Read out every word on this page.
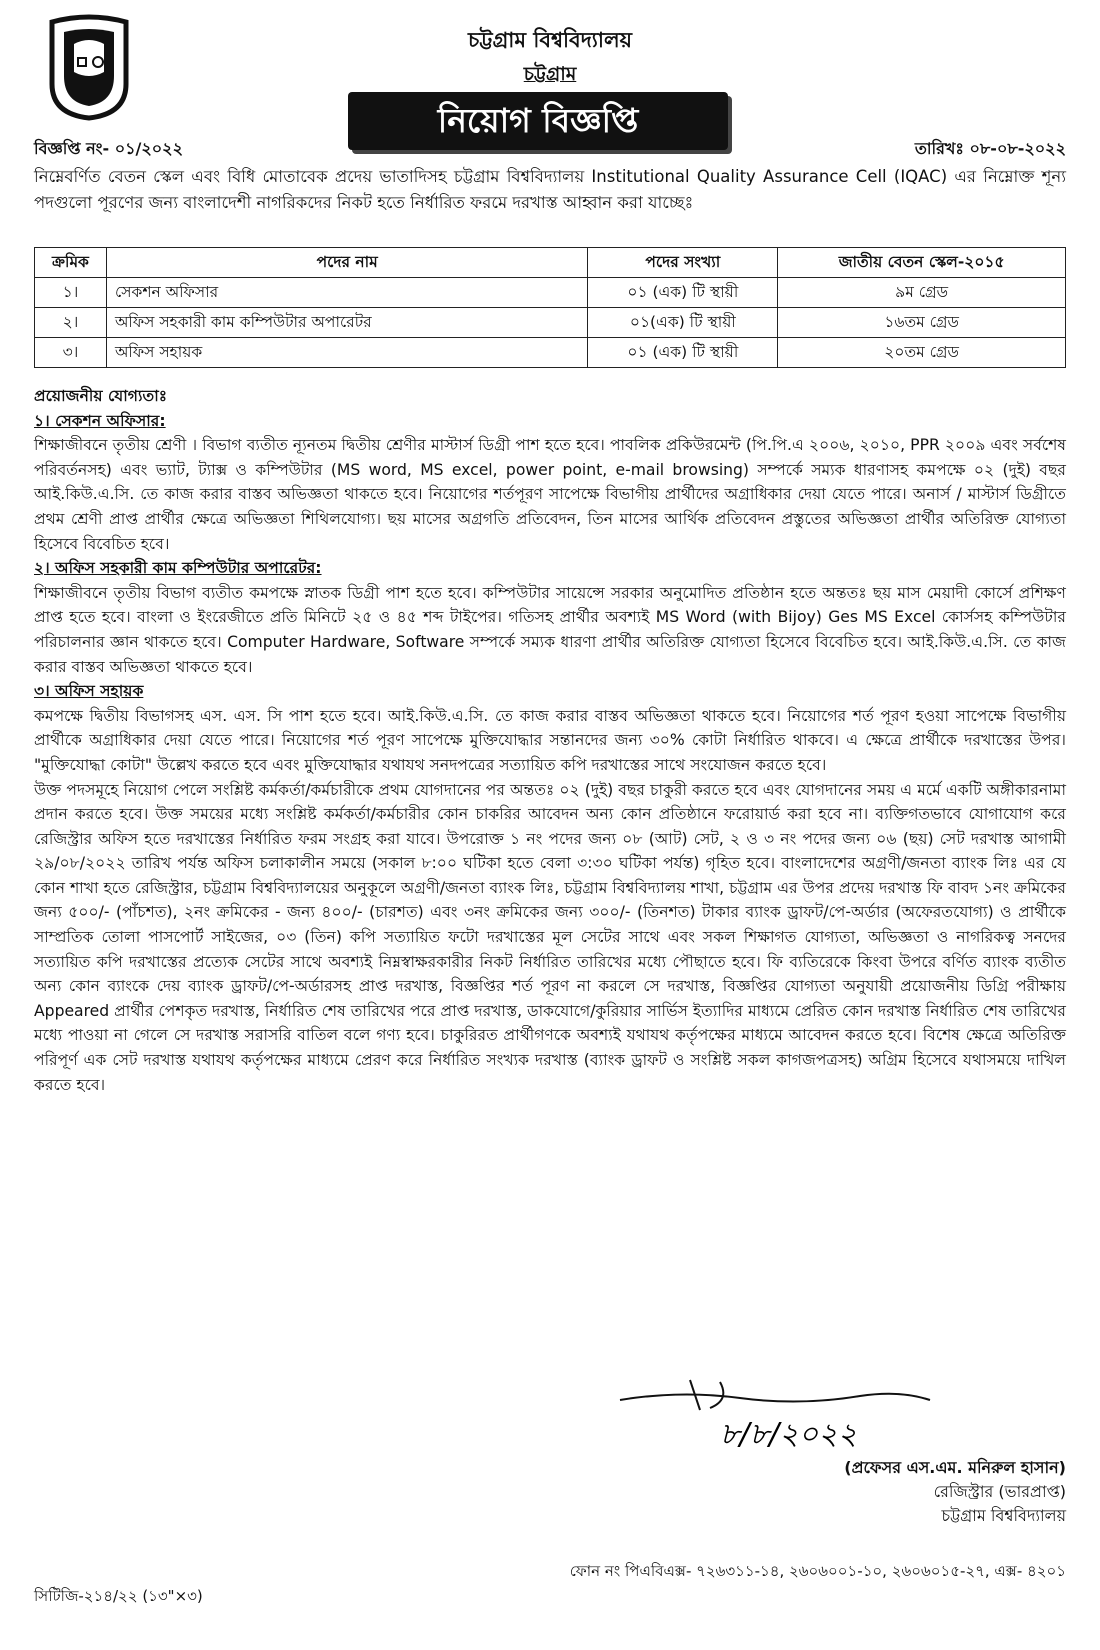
চট্টগ্রাম বিশ্ববিদ্যালয়
চট্টগ্রাম
নিয়োগ বিজ্ঞপ্তি
বিজ্ঞপ্তি নং- ০১/২০২২	তারিখঃ ০৮-০৮-২০২২
নিম্নেবর্ণিত বেতন স্কেল এবং বিধি মোতাবেক প্রদেয় ভাতাদিসহ চট্টগ্রাম বিশ্ববিদ্যালয় Institutional Quality Assurance Cell (IQAC) এর নিম্নোক্ত শূন্য পদগুলো পূরণের জন্য বাংলাদেশী নাগরিকদের নিকট হতে নির্ধারিত ফরমে দরখাস্ত আহ্বান করা যাচ্ছেঃ
ক্রমিক	পদের নাম	পদের সংখ্যা	জাতীয় বেতন স্কেল-২০১৫
১।	সেকশন অফিসার	০১ (এক) টি স্থায়ী	৯ম গ্রেড
২।	অফিস সহকারী কাম কম্পিউটার অপারেটর	০১(এক) টি স্থায়ী	১৬তম গ্রেড
৩।	অফিস সহায়ক	০১ (এক) টি স্থায়ী	২০তম গ্রেড

প্রয়োজনীয় যোগ্যতাঃ

১। সেকশন অফিসার:

শিক্ষাজীবনে তৃতীয় শ্রেণী । বিভাগ ব্যতীত ন্যূনতম দ্বিতীয় শ্রেণীর মাস্টার্স ডিগ্রী পাশ হতে হবে। পাবলিক প্রকিউরমেন্ট (পি.পি.এ ২০০৬, ২০১০, PPR ২০০৯ এবং সর্বশেষ পরিবর্তনসহ) এবং ভ্যাট, ট্যাক্স ও কম্পিউটার (MS word, MS excel, power point, e-mail browsing) সম্পর্কে সম্যক ধারণাসহ কমপক্ষে ০২ (দুই) বছর আই.কিউ.এ.সি. তে কাজ করার বাস্তব অভিজ্ঞতা থাকতে হবে। নিয়োগের শর্তপূরণ সাপেক্ষে বিভাগীয় প্রার্থীদের অগ্রাধিকার দেয়া যেতে পারে। অনার্স / মাস্টার্স ডিগ্রীতে প্রথম শ্রেণী প্রাপ্ত প্রার্থীর ক্ষেত্রে অভিজ্ঞতা শিথিলযোগ্য। ছয় মাসের অগ্রগতি প্রতিবেদন, তিন মাসের আর্থিক প্রতিবেদন প্রস্তুতের অভিজ্ঞতা প্রার্থীর অতিরিক্ত যোগ্যতা হিসেবে বিবেচিত হবে।

২। অফিস সহকারী কাম কম্পিউটার অপারেটর:

শিক্ষাজীবনে তৃতীয় বিভাগ ব্যতীত কমপক্ষে স্নাতক ডিগ্রী পাশ হতে হবে। কম্পিউটার সায়েন্সে সরকার অনুমোদিত প্রতিষ্ঠান হতে অন্ততঃ ছয় মাস মেয়াদী কোর্সে প্রশিক্ষণ প্রাপ্ত হতে হবে। বাংলা ও ইংরেজীতে প্রতি মিনিটে ২৫ ও ৪৫ শব্দ টাইপের। গতিসহ প্রার্থীর অবশ্যই MS Word (with Bijoy) Ges MS Excel কোর্সসহ কম্পিউটার পরিচালনার জ্ঞান থাকতে হবে। Computer Hardware, Software সম্পর্কে সম্যক ধারণা প্রার্থীর অতিরিক্ত যোগ্যতা হিসেবে বিবেচিত হবে। আই.কিউ.এ.সি. তে কাজ করার বাস্তব অভিজ্ঞতা থাকতে হবে।

৩। অফিস সহায়ক

কমপক্ষে দ্বিতীয় বিভাগসহ এস. এস. সি পাশ হতে হবে। আই.কিউ.এ.সি. তে কাজ করার বাস্তব অভিজ্ঞতা থাকতে হবে। নিয়োগের শর্ত পূরণ হওয়া সাপেক্ষে বিভাগীয় প্রার্থীকে অগ্রাধিকার দেয়া যেতে পারে। নিয়োগের শর্ত পূরণ সাপেক্ষে মুক্তিযোদ্ধার সন্তানদের জন্য ৩০% কোটা নির্ধারিত থাকবে। এ ক্ষেত্রে প্রার্থীকে দরখাস্তের উপর। "মুক্তিযোদ্ধা কোটা" উল্লেখ করতে হবে এবং মুক্তিযোদ্ধার যথাযথ সনদপত্রের সত্যায়িত কপি দরখাস্তের সাথে সংযোজন করতে হবে।

উক্ত পদসমূহে নিয়োগ পেলে সংশ্লিষ্ট কর্মকর্তা/কর্মচারীকে প্রথম যোগদানের পর অন্ততঃ ০২ (দুই) বছর চাকুরী করতে হবে এবং যোগদানের সময় এ মর্মে একটি অঙ্গীকারনামা প্রদান করতে হবে। উক্ত সময়ের মধ্যে সংশ্লিষ্ট কর্মকর্তা/কর্মচারীর কোন চাকরির আবেদন অন্য কোন প্রতিষ্ঠানে ফরোয়ার্ড করা হবে না। ব্যক্তিগতভাবে যোগাযোগ করে রেজিস্ট্রার অফিস হতে দরখাস্তের নির্ধারিত ফরম সংগ্রহ করা যাবে। উপরোক্ত ১ নং পদের জন্য ০৮ (আট) সেট, ২ ও ৩ নং পদের জন্য ০৬ (ছয়) সেট দরখাস্ত আগামী ২৯/০৮/২০২২ তারিখ পর্যন্ত অফিস চলাকালীন সময়ে (সকাল ৮:০০ ঘটিকা হতে বেলা ৩:৩০ ঘটিকা পর্যন্ত) গৃহিত হবে। বাংলাদেশের অগ্রণী/জনতা ব্যাংক লিঃ এর যে কোন শাখা হতে রেজিস্ট্রার, চট্টগ্রাম বিশ্ববিদ্যালয়ের অনুকূলে অগ্রণী/জনতা ব্যাংক লিঃ, চট্টগ্রাম বিশ্ববিদ্যালয় শাখা, চট্টগ্রাম এর উপর প্রদেয় দরখাস্ত ফি বাবদ ১নং ক্রমিকের জন্য ৫০০/- (পাঁচশত), ২নং ক্রমিকের - জন্য ৪০০/- (চারশত) এবং ৩নং ক্রমিকের জন্য ৩০০/- (তিনশত) টাকার ব্যাংক ড্রাফট/পে-অর্ডার (অফেরতযোগ্য) ও প্রার্থীকে সাম্প্রতিক তোলা পাসপোর্ট সাইজের, ০৩ (তিন) কপি সত্যায়িত ফটো দরখাস্তের মূল সেটের সাথে এবং সকল শিক্ষাগত যোগ্যতা, অভিজ্ঞতা ও নাগরিকত্ব সনদের সত্যায়িত কপি দরখাস্তের প্রত্যেক সেটের সাথে অবশ্যই নিম্নস্বাক্ষরকারীর নিকট নির্ধারিত তারিখের মধ্যে পৌছাতে হবে। ফি ব্যতিরেকে কিংবা উপরে বর্ণিত ব্যাংক ব্যতীত অন্য কোন ব্যাংকে দেয় ব্যাংক ড্রাফট/পে-অর্ডারসহ প্রাপ্ত দরখাস্ত, বিজ্ঞপ্তির শর্ত পূরণ না করলে সে দরখাস্ত, বিজ্ঞপ্তির যোগ্যতা অনুযায়ী প্রয়োজনীয় ডিগ্রি পরীক্ষায় Appeared প্রার্থীর পেশকৃত দরখাস্ত, নির্ধারিত শেষ তারিখের পরে প্রাপ্ত দরখাস্ত, ডাকযোগে/কুরিয়ার সার্ভিস ইত্যাদির মাধ্যমে প্রেরিত কোন দরখাস্ত নির্ধারিত শেষ তারিখের মধ্যে পাওয়া না গেলে সে দরখাস্ত সরাসরি বাতিল বলে গণ্য হবে। চাকুরিরত প্রার্থীগণকে অবশ্যই যথাযথ কর্তৃপক্ষের মাধ্যমে আবেদন করতে হবে। বিশেষ ক্ষেত্রে অতিরিক্ত পরিপূর্ণ এক সেট দরখাস্ত যথাযথ কর্তৃপক্ষের মাধ্যমে প্রেরণ করে নির্ধারিত সংখ্যক দরখাস্ত (ব্যাংক ড্রাফট ও সংশ্লিষ্ট সকল কাগজপত্রসহ) অগ্রিম হিসেবে যথাসময়ে দাখিল করতে হবে।

৮/৮/২০২২
(প্রফেসর এস.এম. মনিরুল হাসান)
রেজিস্ট্রার (ভারপ্রাপ্ত)
চট্টগ্রাম বিশ্ববিদ্যালয়
ফোন নং পিএবিএক্স- ৭২৬৩১১-১৪, ২৬০৬০০১-১০, ২৬০৬০১৫-২৭, এক্স- ৪২০১
সিটিজি-২১৪/২২ (১৩"×৩)
